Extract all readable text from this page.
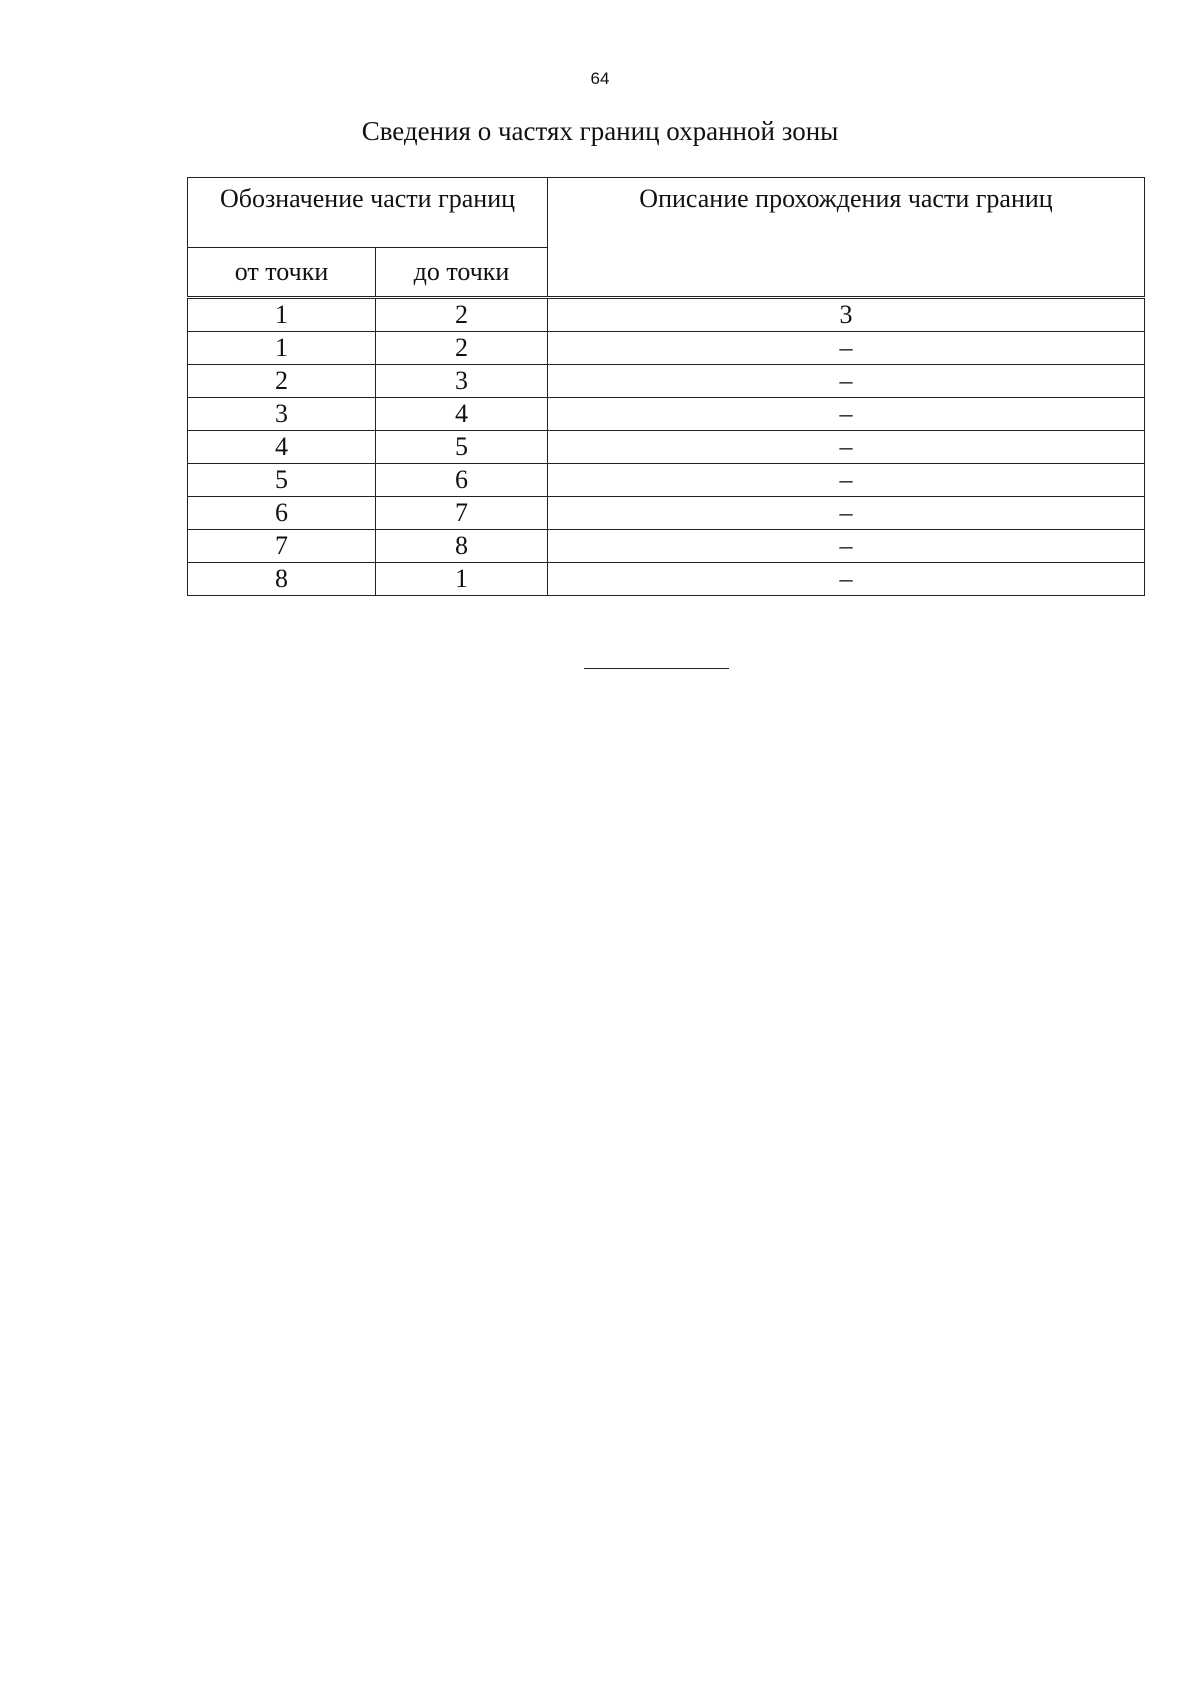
64
Сведения о частях границ охранной зоны
Обозначение части границ		Описание прохождения части границ
от точки	до точки	
1	2	3
1	2	–
2	3	–
3	4	–
4	5	–
5	6	–
6	7	–
7	8	–
8	1	–
